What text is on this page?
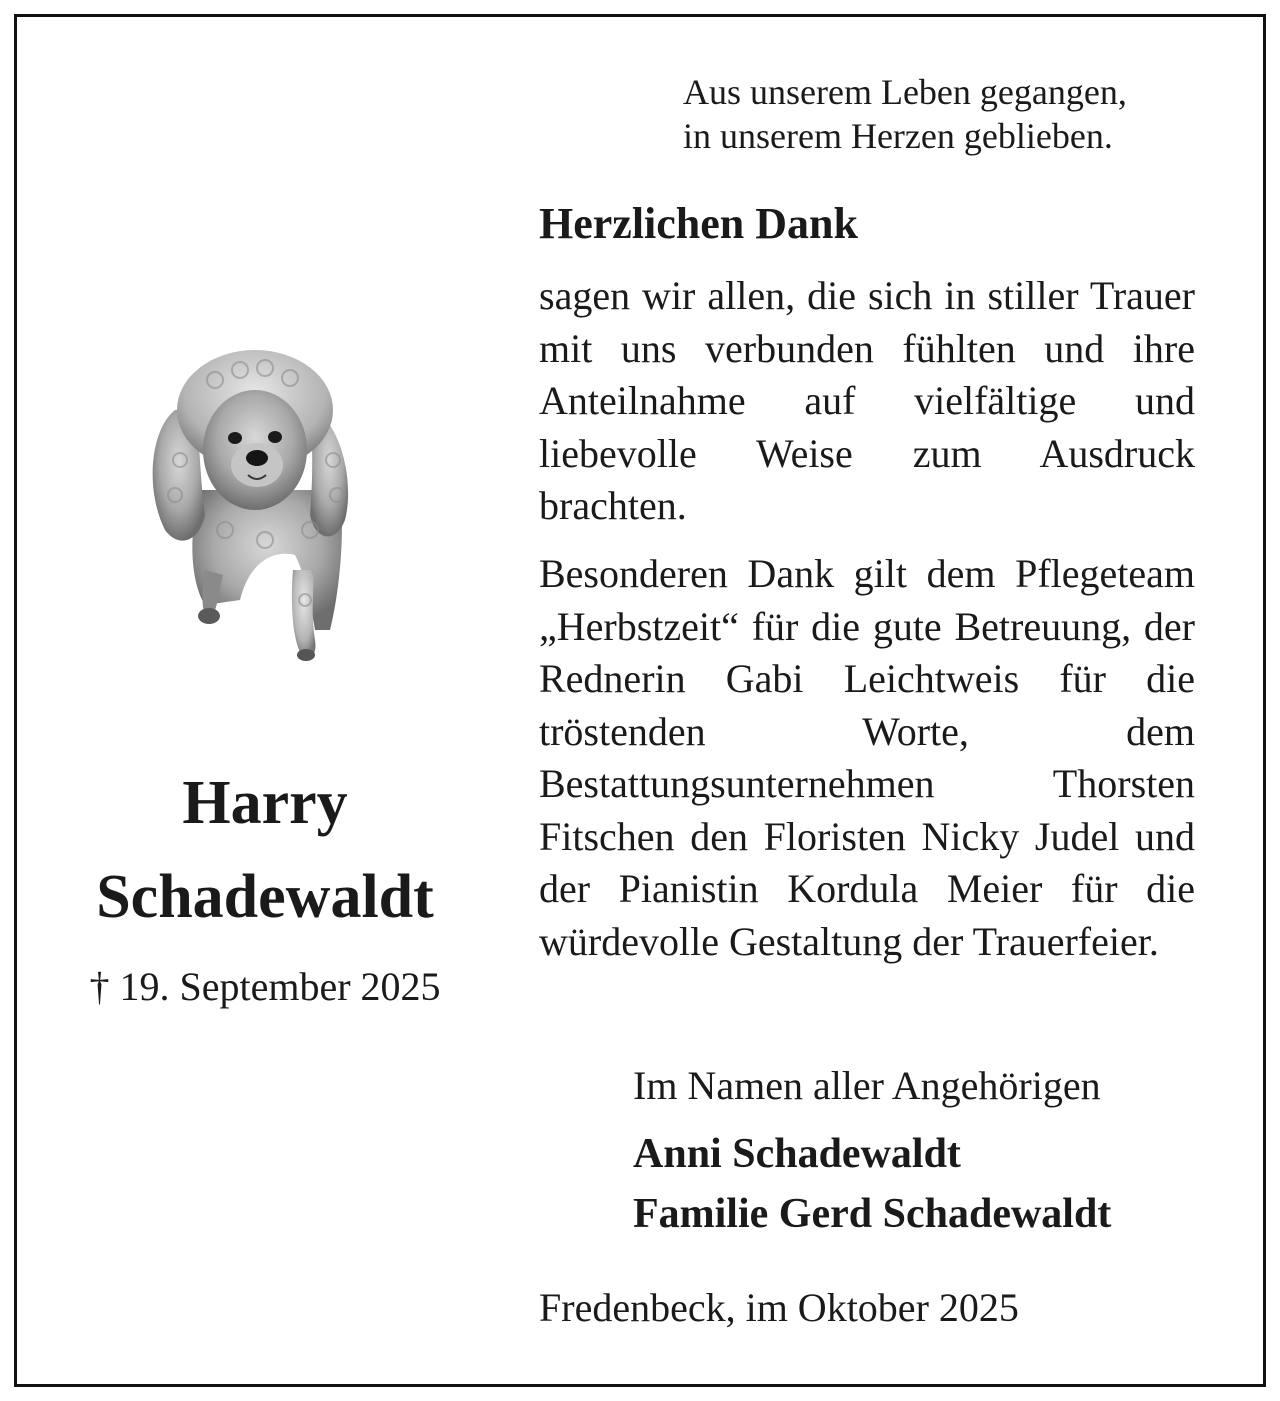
Harry
Schadewaldt
† 19. September 2025
Aus unserem Leben gegangen,
in unserem Herzen geblieben.
Herzlichen Dank
sagen wir allen, die sich in stiller Trauer mit uns verbunden fühlten und ihre Anteilnahme auf vielfältige und liebevolle Weise zum Ausdruck brachten.
Besonderen Dank gilt dem Pflegeteam „Herbstzeit“ für die gute Betreuung, der Rednerin Gabi Leichtweis für die tröstenden Worte, dem Bestattungsunternehmen Thorsten Fitschen den Floristen Nicky Judel und der Pianistin Kordula Meier für die würdevolle Gestaltung der Trauerfeier.
Im Namen aller Angehörigen
Anni Schadewaldt
Familie Gerd Schadewaldt
Fredenbeck, im Oktober 2025
